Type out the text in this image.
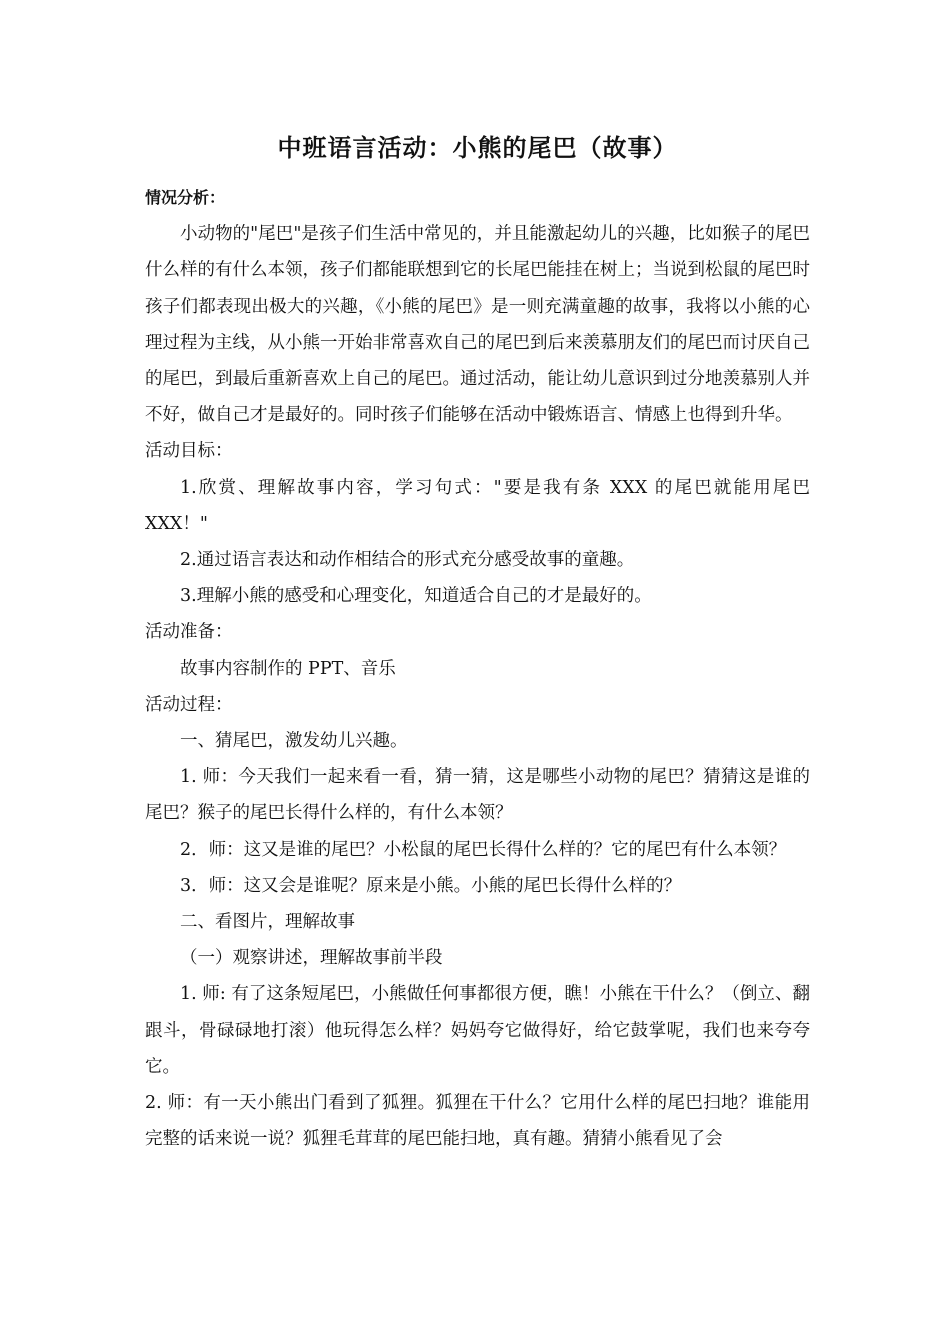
中班语言活动：小熊的尾巴（故事）

情况分析：

小动物的"尾巴"是孩子们生活中常见的，并且能激起幼儿的兴趣，比如猴子的尾巴什么样的有什么本领，孩子们都能联想到它的长尾巴能挂在树上；当说到松鼠的尾巴时孩子们都表现出极大的兴趣，《小熊的尾巴》是一则充满童趣的故事，我将以小熊的心理过程为主线，从小熊一开始非常喜欢自己的尾巴到后来羡慕朋友们的尾巴而讨厌自己的尾巴，到最后重新喜欢上自己的尾巴。通过活动，能让幼儿意识到过分地羡慕别人并不好，做自己才是最好的。同时孩子们能够在活动中锻炼语言、情感上也得到升华。

活动目标：

1.欣赏、理解故事内容，学习句式："要是我有条 XXX 的尾巴就能用尾巴 XXX！"

2.通过语言表达和动作相结合的形式充分感受故事的童趣。

3.理解小熊的感受和心理变化，知道适合自己的才是最好的。

活动准备：

故事内容制作的 PPT、音乐

活动过程：

一、猜尾巴，激发幼儿兴趣。

1. 师：今天我们一起来看一看，猜一猜，这是哪些小动物的尾巴？猜猜这是谁的尾巴？猴子的尾巴长得什么样的，有什么本领？

2．师：这又是谁的尾巴？小松鼠的尾巴长得什么样的？它的尾巴有什么本领？

3．师：这又会是谁呢？原来是小熊。小熊的尾巴长得什么样的？

二、看图片，理解故事

（一）观察讲述，理解故事前半段

1. 师: 有了这条短尾巴，小熊做任何事都很方便，瞧！小熊在干什么？（倒立、翻跟斗，骨碌碌地打滚）他玩得怎么样？妈妈夸它做得好，给它鼓掌呢，我们也来夸夸它。

2. 师：有一天小熊出门看到了狐狸。狐狸在干什么？它用什么样的尾巴扫地？谁能用完整的话来说一说？狐狸毛茸茸的尾巴能扫地，真有趣。猜猜小熊看见了会
